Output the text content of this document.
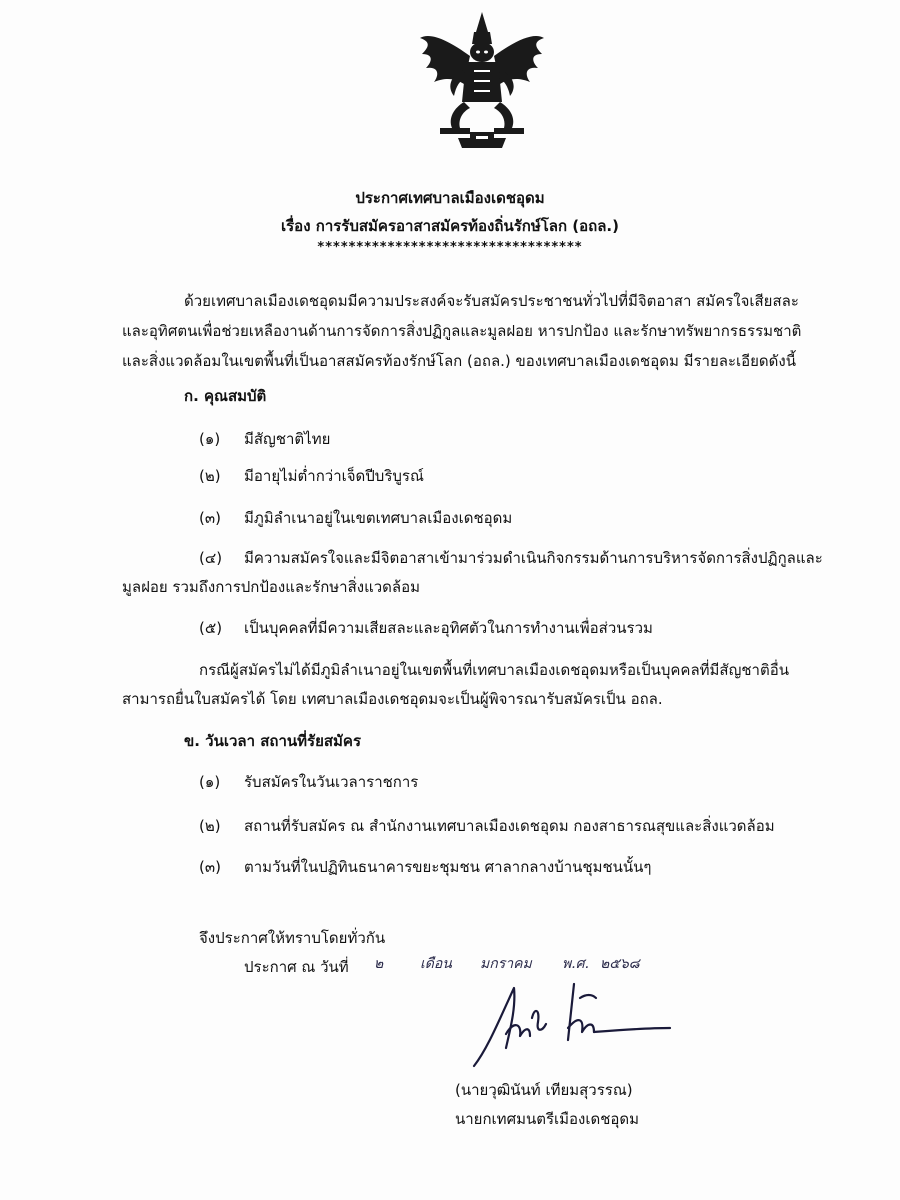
ประกาศเทศบาลเมืองเดชอุดม
เรื่อง การรับสมัครอาสาสมัครท้องถิ่นรักษ์โลก (อถล.)
**********************************
ด้วยเทศบาลเมืองเดชอุดมมีความประสงค์จะรับสมัครประชาชนทั่วไปที่มีจิตอาสา สมัครใจเสียสละ
และอุทิศตนเพื่อช่วยเหลืองานด้านการจัดการสิ่งปฏิกูลและมูลฝอย หารปกป้อง และรักษาทรัพยากรธรรมชาติ
และสิ่งแวดล้อมในเขตพื้นที่เป็นอาสสมัครท้องรักษ์โลก (อถล.) ของเทศบาลเมืองเดชอุดม มีรายละเอียดดังนี้
ก. คุณสมบัติ
(๑) มีสัญชาติไทย
(๒) มีอายุไม่ต่ำกว่าเจ็ดปีบริบูรณ์
(๓) มีภูมิลำเนาอยู่ในเขตเทศบาลเมืองเดชอุดม
(๔) มีความสมัครใจและมีจิตอาสาเข้ามาร่วมดำเนินกิจกรรมด้านการบริหารจัดการสิ่งปฏิกูลและ
มูลฝอย รวมถึงการปกป้องและรักษาสิ่งแวดล้อม
(๕) เป็นบุคคลที่มีความเสียสละและอุทิศตัวในการทำงานเพื่อส่วนรวม
กรณีผู้สมัครไม่ได้มีภูมิลำเนาอยู่ในเขตพื้นที่เทศบาลเมืองเดชอุดมหรือเป็นบุคคลที่มีสัญชาติอื่น
สามารถยื่นใบสมัครได้ โดย เทศบาลเมืองเดชอุดมจะเป็นผู้พิจารณารับสมัครเป็น อถล.
ข. วันเวลา สถานที่รัยสมัคร
(๑) รับสมัครในวันเวลาราชการ
(๒) สถานที่รับสมัคร ณ สำนักงานเทศบาลเมืองเดชอุดม กองสาธารณสุขและสิ่งแวดล้อม
(๓) ตามวันที่ในปฏิทินธนาคารขยะชุมชน ศาลากลางบ้านชุมชนนั้นๆ
จึงประกาศให้ทราบโดยทั่วกัน
ประกาศ ณ วันที่ ๒	เดือน มกราคม พ.ศ. ๒๕๖๘
(นายวุฒินันท์ เทียมสุวรรณ)
นายกเทศมนตรีเมืองเดชอุดม
